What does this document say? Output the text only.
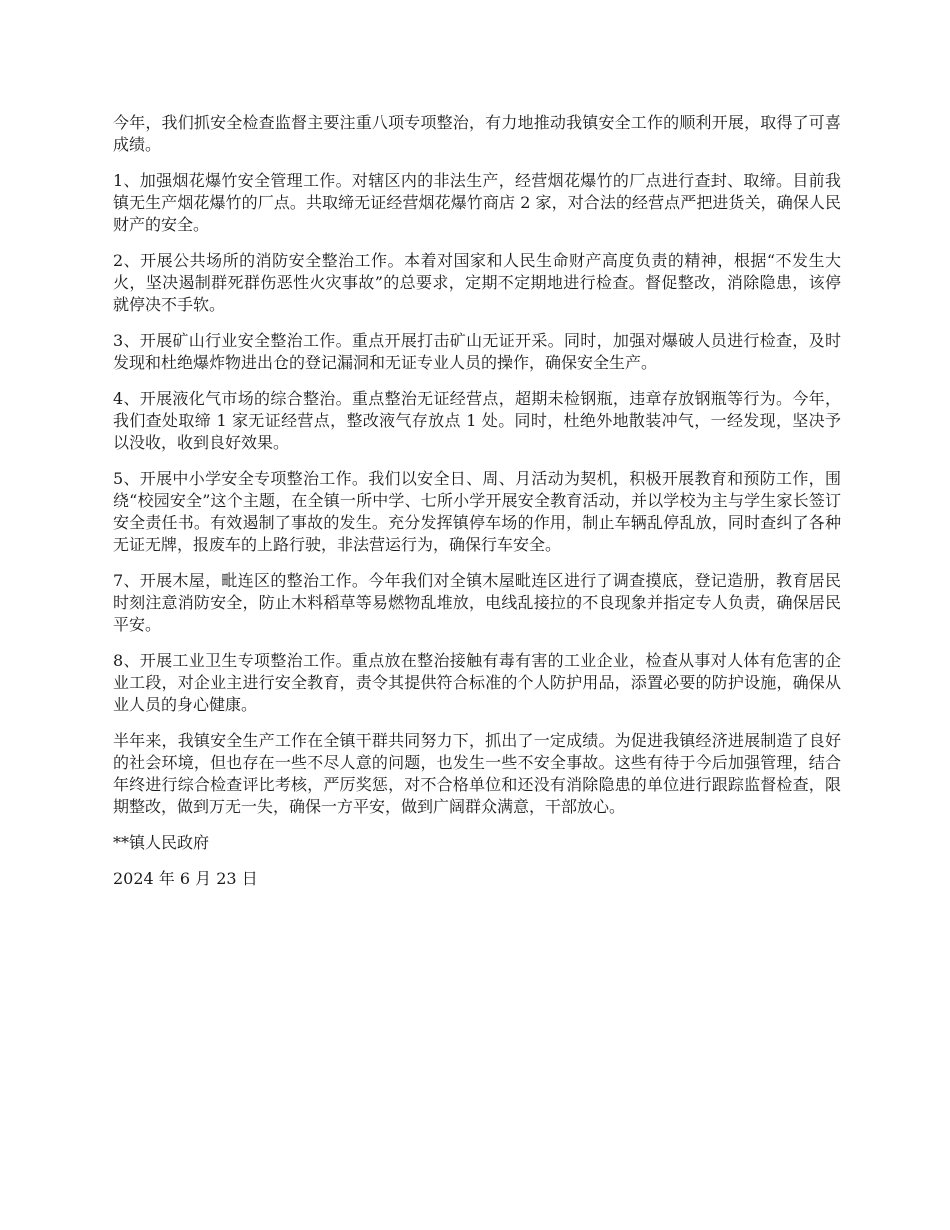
今年，我们抓安全检查监督主要注重八项专项整治，有力地推动我镇安全工作的顺利开展，取得了可喜成绩。

1、加强烟花爆竹安全管理工作。对辖区内的非法生产，经营烟花爆竹的厂点进行查封、取缔。目前我镇无生产烟花爆竹的厂点。共取缔无证经营烟花爆竹商店 2 家，对合法的经营点严把进货关，确保人民财产的安全。

2、开展公共场所的消防安全整治工作。本着对国家和人民生命财产高度负责的精神，根据“不发生大火，坚决遏制群死群伤恶性火灾事故”的总要求，定期不定期地进行检查。督促整改，消除隐患，该停就停决不手软。

3、开展矿山行业安全整治工作。重点开展打击矿山无证开采。同时，加强对爆破人员进行检查，及时发现和杜绝爆炸物进出仓的登记漏洞和无证专业人员的操作，确保安全生产。

4、开展液化气市场的综合整治。重点整治无证经营点，超期未检钢瓶，违章存放钢瓶等行为。今年，我们查处取缔 1 家无证经营点，整改液气存放点 1 处。同时，杜绝外地散装冲气，一经发现，坚决予以没收，收到良好效果。

5、开展中小学安全专项整治工作。我们以安全日、周、月活动为契机，积极开展教育和预防工作，围绕“校园安全”这个主题，在全镇一所中学、七所小学开展安全教育活动，并以学校为主与学生家长签订安全责任书。有效遏制了事故的发生。充分发挥镇停车场的作用，制止车辆乱停乱放，同时查纠了各种无证无牌，报废车的上路行驶，非法营运行为，确保行车安全。

7、开展木屋，毗连区的整治工作。今年我们对全镇木屋毗连区进行了调查摸底，登记造册，教育居民时刻注意消防安全，防止木料稻草等易燃物乱堆放，电线乱接拉的不良现象并指定专人负责，确保居民平安。

8、开展工业卫生专项整治工作。重点放在整治接触有毒有害的工业企业，检查从事对人体有危害的企业工段，对企业主进行安全教育，责令其提供符合标准的个人防护用品，添置必要的防护设施，确保从业人员的身心健康。

半年来，我镇安全生产工作在全镇干群共同努力下，抓出了一定成绩。为促进我镇经济进展制造了良好的社会环境，但也存在一些不尽人意的问题，也发生一些不安全事故。这些有待于今后加强管理，结合年终进行综合检查评比考核，严厉奖惩，对不合格单位和还没有消除隐患的单位进行跟踪监督检查，限期整改，做到万无一失，确保一方平安，做到广阔群众满意，干部放心。

**镇人民政府

2024 年 6 月 23 日
